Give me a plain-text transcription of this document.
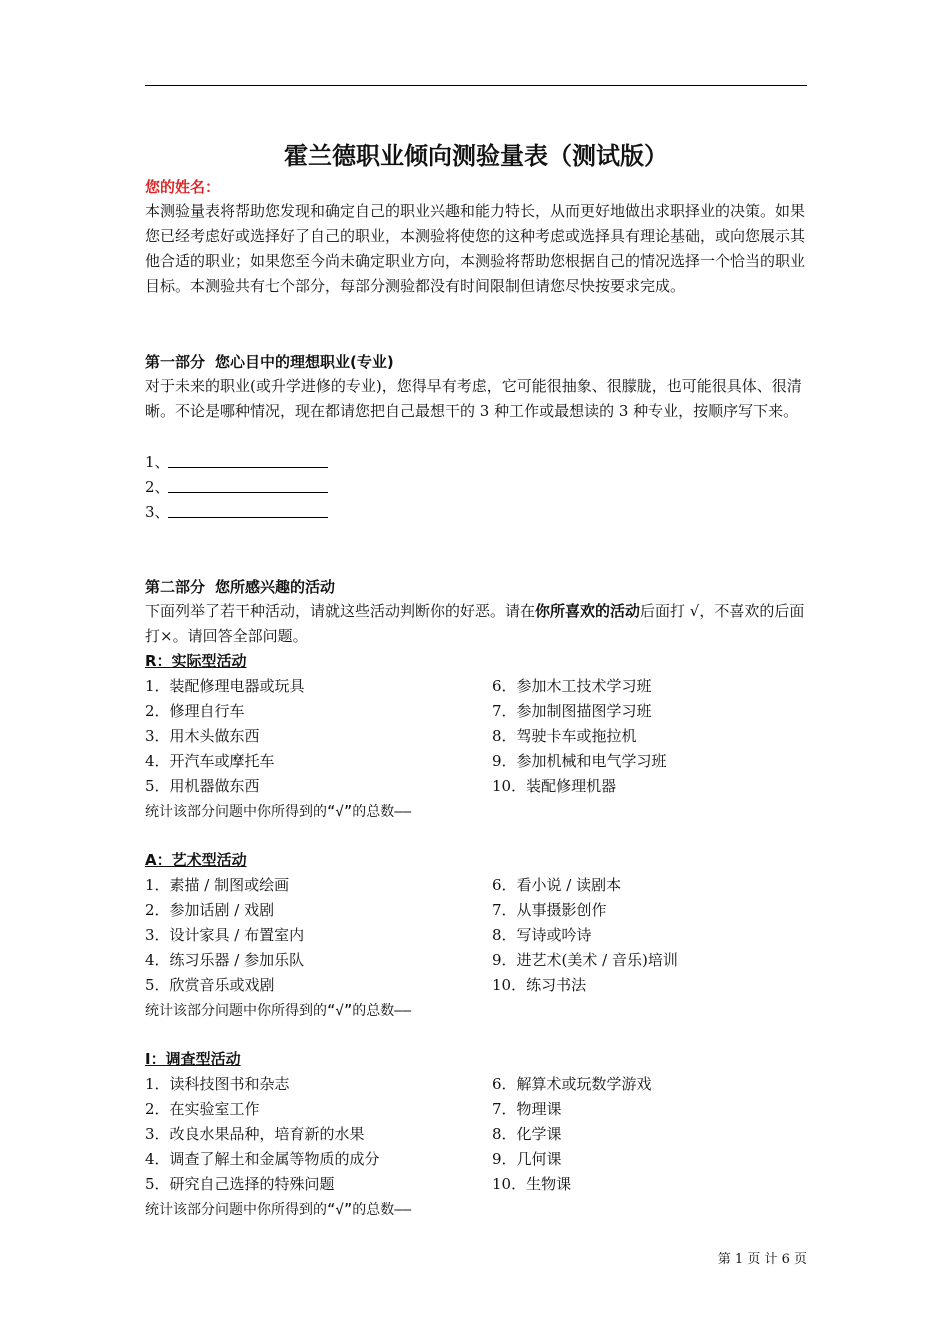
霍兰德职业倾向测验量表（测试版）
您的姓名：
本测验量表将帮助您发现和确定自己的职业兴趣和能力特长，从而更好地做出求职择业的决策。如果您已经考虑好或选择好了自己的职业，本测验将使您的这种考虑或选择具有理论基础，或向您展示其他合适的职业；如果您至今尚未确定职业方向，本测验将帮助您根据自己的情况选择一个恰当的职业目标。本测验共有七个部分，每部分测验都没有时间限制但请您尽快按要求完成。
第一部分 您心目中的理想职业(专业)
对于未来的职业(或升学进修的专业)，您得早有考虑，它可能很抽象、很朦胧，也可能很具体、很清晰。不论是哪种情况，现在都请您把自己最想干的 3 种工作或最想读的 3 种专业，按顺序写下来。
1、
2、
3、
第二部分 您所感兴趣的活动
下面列举了若干种活动，请就这些活动判断你的好恶。请在你所喜欢的活动后面打 √，不喜欢的后面打×。请回答全部问题。
R：实际型活动
1．装配修理电器或玩具
2．修理自行车
3．用木头做东西
4．开汽车或摩托车
5．用机器做东西
6．参加木工技术学习班
7．参加制图描图学习班
8．驾驶卡车或拖拉机
9．参加机械和电气学习班
10．装配修理机器
统计该部分问题中你所得到的“√”的总数——
A：艺术型活动
1．素描 / 制图或绘画
2．参加话剧 / 戏剧
3．设计家具 / 布置室内
4．练习乐器 / 参加乐队
5．欣赏音乐或戏剧
6．看小说 / 读剧本
7．从事摄影创作
8．写诗或吟诗
9．进艺术(美术 / 音乐)培训
10．练习书法
统计该部分问题中你所得到的“√”的总数——
I：调查型活动
1．读科技图书和杂志
2．在实验室工作
3．改良水果品种，培育新的水果
4．调查了解土和金属等物质的成分
5．研究自己选择的特殊问题
6．解算术或玩数学游戏
7．物理课
8．化学课
9．几何课
10．生物课
统计该部分问题中你所得到的“√”的总数——
第 1 页 计 6 页
